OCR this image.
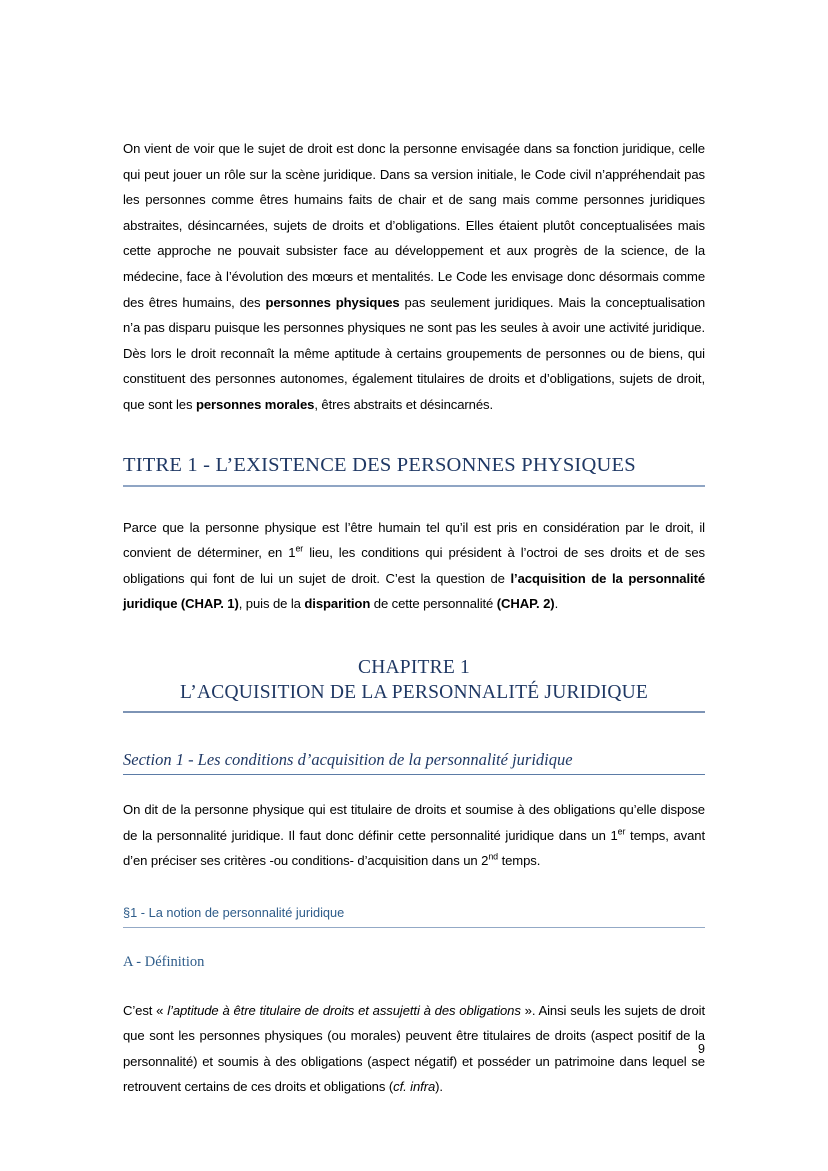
On vient de voir que le sujet de droit est donc la personne envisagée dans sa fonction juridique, celle qui peut jouer un rôle sur la scène juridique. Dans sa version initiale, le Code civil n’appréhendait pas les personnes comme êtres humains faits de chair et de sang mais comme personnes juridiques abstraites, désincarnées, sujets de droits et d’obligations. Elles étaient plutôt conceptualisées mais cette approche ne pouvait subsister face au développement et aux progrès de la science, de la médecine, face à l’évolution des mœurs et mentalités. Le Code les envisage donc désormais comme des êtres humains, des personnes physiques pas seulement juridiques. Mais la conceptualisation n’a pas disparu puisque les personnes physiques ne sont pas les seules à avoir une activité juridique. Dès lors le droit reconnaît la même aptitude à certains groupements de personnes ou de biens, qui constituent des personnes autonomes, également titulaires de droits et d’obligations, sujets de droit, que sont les personnes morales, êtres abstraits et désincarnés.

TITRE 1 - L’EXISTENCE DES PERSONNES PHYSIQUES

Parce que la personne physique est l’être humain tel qu’il est pris en considération par le droit, il convient de déterminer, en 1er lieu, les conditions qui président à l’octroi de ses droits et de ses obligations qui font de lui un sujet de droit. C’est la question de l’acquisition de la personnalité juridique (CHAP. 1), puis de la disparition de cette personnalité (CHAP. 2).

CHAPITRE 1
L’ACQUISITION DE LA PERSONNALITÉ JURIDIQUE
Section 1 - Les conditions d’acquisition de la personnalité juridique

On dit de la personne physique qui est titulaire de droits et soumise à des obligations qu’elle dispose de la personnalité juridique. Il faut donc définir cette personnalité juridique dans un 1er temps, avant d’en préciser ses critères -ou conditions- d’acquisition dans un 2nd temps.

§1 - La notion de personnalité juridique
A - Définition

C’est « l’aptitude à être titulaire de droits et assujetti à des obligations ». Ainsi seuls les sujets de droit que sont les personnes physiques (ou morales) peuvent être titulaires de droits (aspect positif de la personnalité) et soumis à des obligations (aspect négatif) et posséder un patrimoine dans lequel se retrouvent certains de ces droits et obligations (cf. infra).

9
